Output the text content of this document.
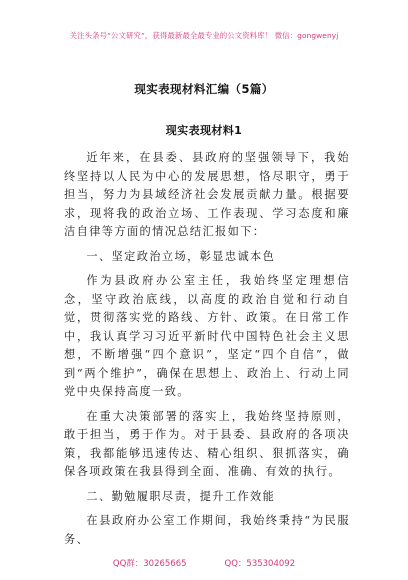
关注头条号“公文研究”，获得最新最全最专业的公文资料库！ 微信：gongwenyj
现实表现材料汇编（5篇）
现实表现材料1

近年来，在县委、县政府的坚强领导下，我始终坚持以人民为中心的发展思想，恪尽职守，勇于担当，努力为县域经济社会发展贡献力量。根据要求，现将我的政治立场、工作表现、学习态度和廉洁自律等方面的情况总结汇报如下：

一、坚定政治立场，彰显忠诚本色

作为县政府办公室主任，我始终坚定理想信念，坚守政治底线，以高度的政治自觉和行动自觉，贯彻落实党的路线、方针、政策。在日常工作中，我认真学习习近平新时代中国特色社会主义思想，不断增强“四个意识”，坚定“四个自信”，做到“两个维护”，确保在思想上、政治上、行动上同党中央保持高度一致。

在重大决策部署的落实上，我始终坚持原则，敢于担当，勇于作为。对于县委、县政府的各项决策，我都能够迅速传达、精心组织、狠抓落实，确保各项政策在我县得到全面、准确、有效的执行。

二、勤勉履职尽责，提升工作效能

在县政府办公室工作期间，我始终秉持“为民服务、

QQ群：30265665	QQ：535304092
